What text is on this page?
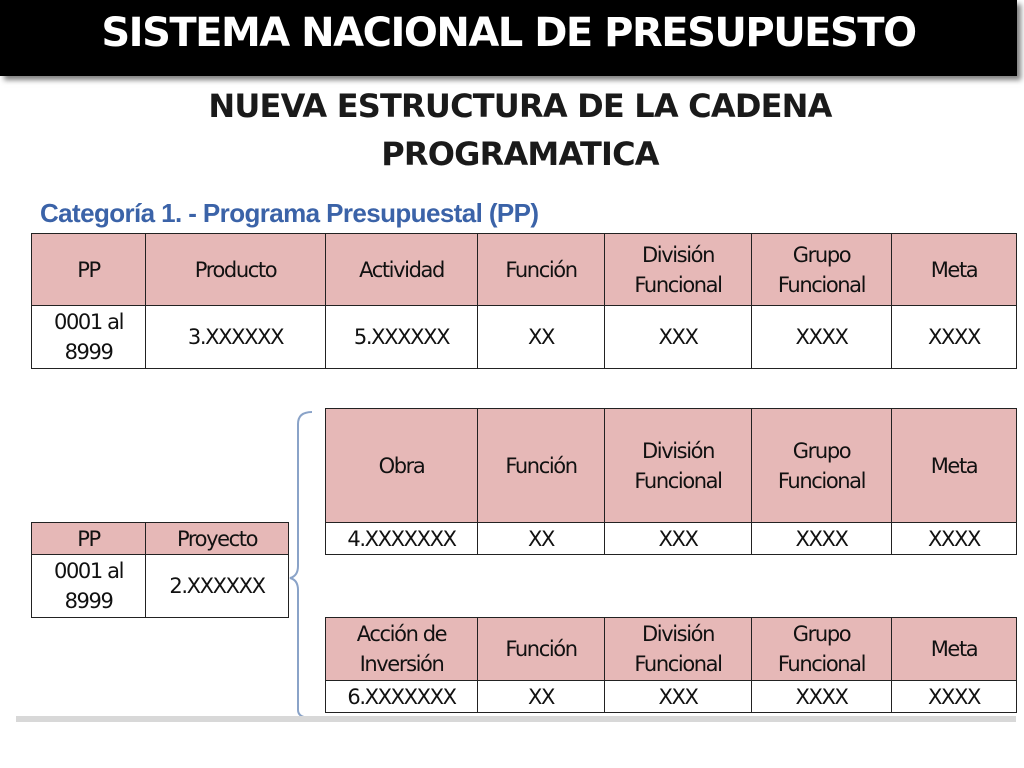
SISTEMA NACIONAL DE PRESUPUESTO
NUEVA ESTRUCTURA DE LA CADENA
PROGRAMATICA
Categoría 1. - Programa Presupuestal (PP)
PP	Producto	Actividad	Función	División Funcional	Grupo Funcional	Meta
0001 al 8999	3.XXXXXX	5.XXXXXX	XX	XXX	XXXX	XXXX
PP	Proyecto
0001 al 8999	2.XXXXXX
Obra	Función	División Funcional	Grupo Funcional	Meta
4.XXXXXXX	XX	XXX	XXXX	XXXX
Acción de Inversión	Función	División Funcional	Grupo Funcional	Meta
6.XXXXXXX	XX	XXX	XXXX	XXXX
